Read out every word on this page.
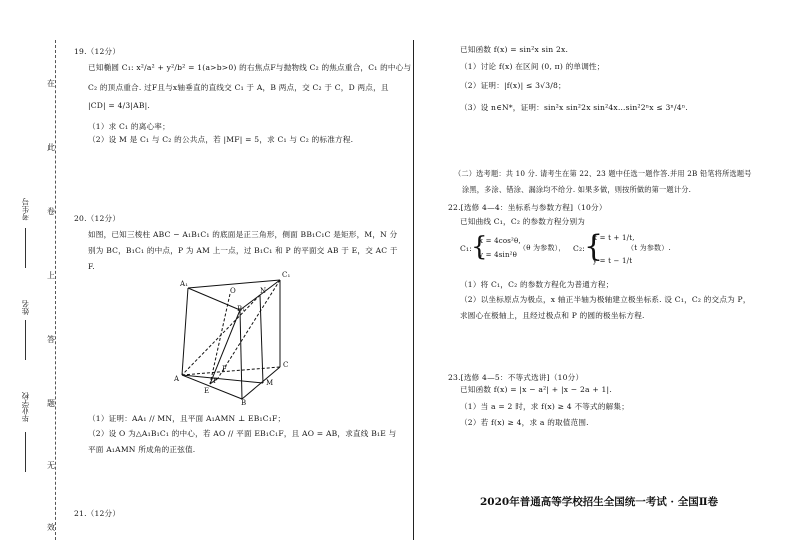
在
此
卷
上
答
题
无
效
考生号
姓名
毕业学校
19.（12分）
已知椭圆 C₁: x²/a² + y²/b² = 1(a>b>0) 的右焦点F与抛物线 C₂ 的焦点重合，C₁ 的中心与
C₂ 的顶点重合. 过F且与x轴垂直的直线交 C₁ 于 A，B 两点，交 C₂ 于 C，D 两点，且
|CD| = 4/3|AB|.
（1）求 C₁ 的离心率；
（2）设 M 是 C₁ 与 C₂ 的公共点，若 |MF| = 5，求 C₁ 与 C₂ 的标准方程.
20.（12分）
如图，已知三棱柱 ABC − A₁B₁C₁ 的底面是正三角形，侧面 BB₁C₁C 是矩形，M，N 分
别为 BC，B₁C₁ 的中点，P 为 AM 上一点，过 B₁C₁ 和 P 的平面交 AB 于 E，交 AC 于
F.
A₁
O	N
C₁
B₁
A
F
P
E
C
M
B
（1）证明：AA₁ // MN，且平面 A₁AMN ⊥ EB₁C₁F；
（2）设 O 为△A₁B₁C₁ 的中心，若 AO // 平面 EB₁C₁F，且 AO = AB，求直线 B₁E 与
平面 A₁AMN 所成角的正弦值.
21.（12分）
已知函数 f(x) = sin²x sin 2x.
（1）讨论 f(x) 在区间 (0, π) 的单调性；
（2）证明：|f(x)| ≤ 3√3/8；
（3）设 n∈N*，证明：sin²x sin²2x sin²4x…sin²2ⁿx ≤ 3ⁿ/4ⁿ.
（二）选考题：共 10 分. 请考生在第 22、23 题中任选一题作答.并用 2B 铅笔将所选题号
涂黑，多涂、错涂、漏涂均不给分. 如果多做，则按所做的第一题计分.
22.[选修 4—4：坐标系与参数方程]（10分）
已知曲线 C₁，C₂ 的参数方程分别为
C₁:
{
x = 4cos²θ,
y = 4sin²θ
（θ 为参数）， C₂:
{
x = t + 1/t,
y = t − 1/t
（t 为参数）.
（1）将 C₁，C₂ 的参数方程化为普通方程；
（2）以坐标原点为极点，x 轴正半轴为极轴建立极坐标系. 设 C₁，C₂ 的交点为 P，
求圆心在极轴上，且经过极点和 P 的圆的极坐标方程.
23.[选修 4—5：不等式选讲]（10分）
已知函数 f(x) = |x − a²| + |x − 2a + 1|.
（1）当 a = 2 时，求 f(x) ≥ 4 不等式的解集；
（2）若 f(x) ≥ 4，求 a 的取值范围.
2020年普通高等学校招生全国统一考试 · 全国Ⅱ卷
